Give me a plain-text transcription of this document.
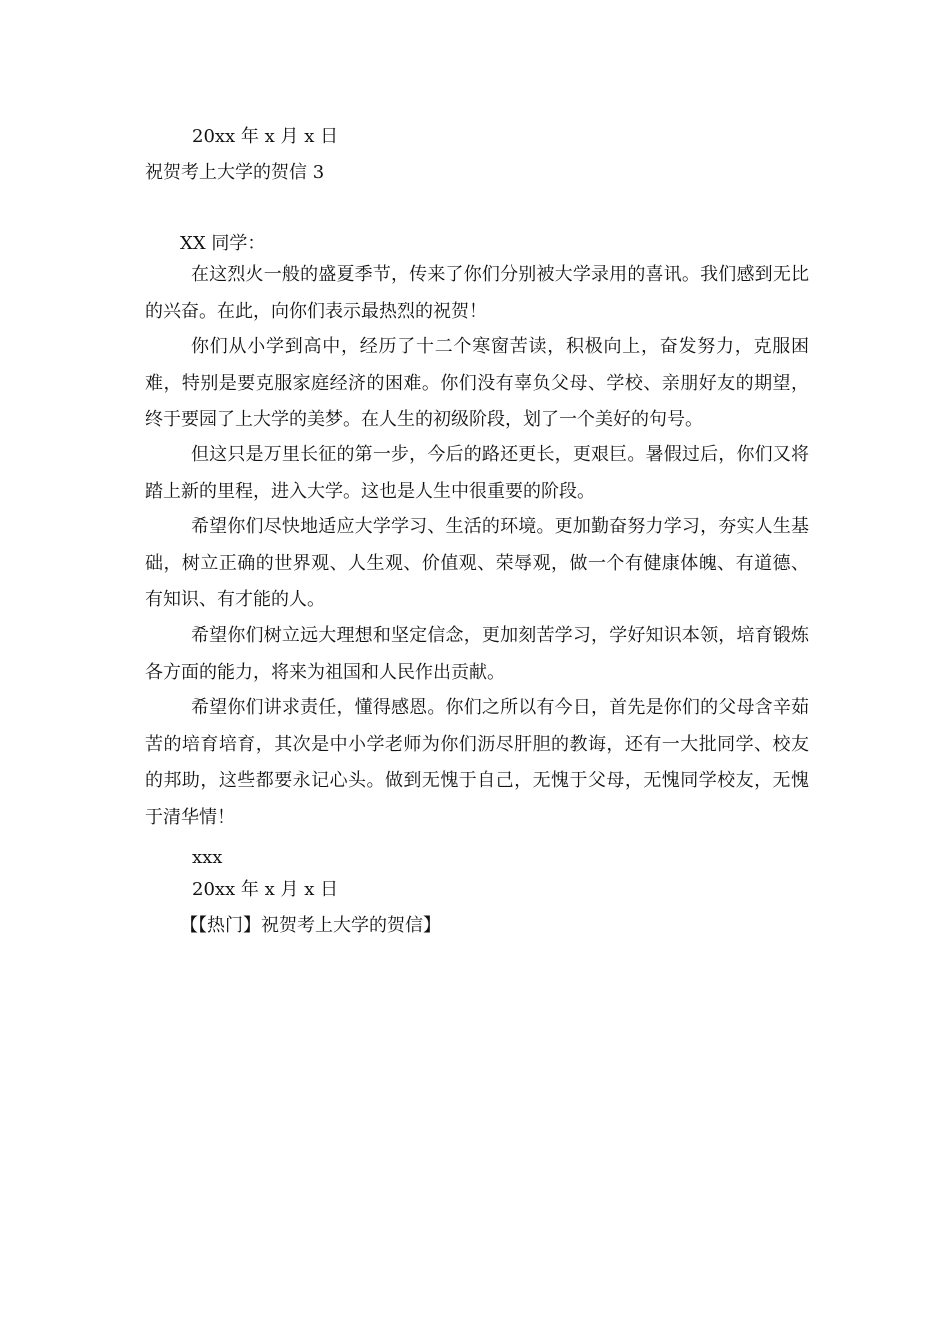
20xx 年 x 月 x 日
祝贺考上大学的贺信 3
XX 同学：

在这烈火一般的盛夏季节，传来了你们分别被大学录用的喜讯。我们感到无比的兴奋。在此，向你们表示最热烈的祝贺！

你们从小学到高中，经历了十二个寒窗苦读，积极向上，奋发努力，克服困难，特别是要克服家庭经济的困难。你们没有辜负父母、学校、亲朋好友的期望，终于要园了上大学的美梦。在人生的初级阶段，划了一个美好的句号。

但这只是万里长征的第一步，今后的路还更长，更艰巨。暑假过后，你们又将踏上新的里程，进入大学。这也是人生中很重要的阶段。

希望你们尽快地适应大学学习、生活的环境。更加勤奋努力学习，夯实人生基础，树立正确的世界观、人生观、价值观、荣辱观，做一个有健康体魄、有道德、有知识、有才能的人。

希望你们树立远大理想和坚定信念，更加刻苦学习，学好知识本领，培育锻炼各方面的能力，将来为祖国和人民作出贡献。

希望你们讲求责任，懂得感恩。你们之所以有今日，首先是你们的父母含辛茹苦的培育培育，其次是中小学老师为你们沥尽肝胆的教诲，还有一大批同学、校友的邦助，这些都要永记心头。做到无愧于自己，无愧于父母，无愧同学校友，无愧于清华情！

xxx
20xx 年 x 月 x 日
【【热门】祝贺考上大学的贺信】
